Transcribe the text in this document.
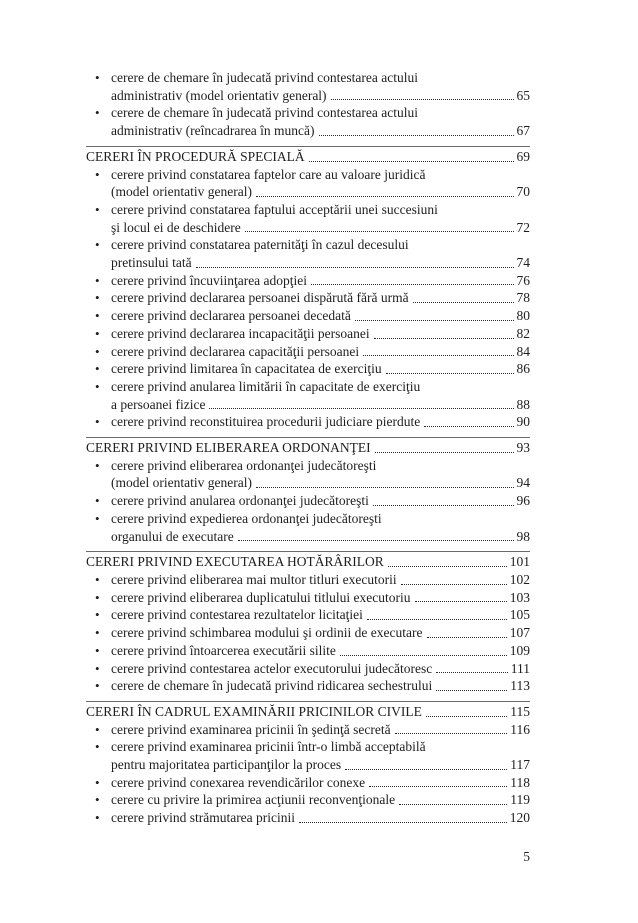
•
cerere de chemare în judecată privind contestarea actului
administrativ (model orientativ general)	65
•
cerere de chemare în judecată privind contestarea actului
administrativ (reîncadrarea în muncă)	67
CERERI ÎN PROCEDURĂ SPECIALĂ	69
•
cerere privind constatarea faptelor care au valoare juridică
(model orientativ general)	70
•
cerere privind constatarea faptului acceptării unei succesiuni
şi locul ei de deschidere	72
•
cerere privind constatarea paternităţi în cazul decesului
pretinsului tată	74
•
cerere privind încuviinţarea adopţiei	76
•
cerere privind declararea persoanei dispărută fără urmă	78
•
cerere privind declararea persoanei decedată	80
•
cerere privind declararea incapacităţii persoanei	82
•
cerere privind declararea capacităţii persoanei	84
•
cerere privind limitarea în capacitatea de exerciţiu	86
•
cerere privind anularea limitării în capacitate de exerciţiu
a persoanei fizice	88
•
cerere privind reconstituirea procedurii judiciare pierdute	90
CERERI PRIVIND ELIBERAREA ORDONANŢEI	93
•
cerere privind eliberarea ordonanţei judecătoreşti
(model orientativ general)	94
•
cerere privind anularea ordonanţei judecătoreşti	96
•
cerere privind expedierea ordonanţei judecătoreşti
organului de executare	98
CERERI PRIVIND EXECUTAREA HOTĂRÂRILOR	101
•
cerere privind eliberarea mai multor titluri executorii	102
•
cerere privind eliberarea duplicatului titlului executoriu	103
•
cerere privind contestarea rezultatelor licitaţiei	105
•
cerere privind schimbarea modului şi ordinii de executare	107
•
cerere privind întoarcerea executării silite	109
•
cerere privind contestarea actelor executorului judecătoresc	111
•
cerere de chemare în judecată privind ridicarea sechestrului	113
CERERI ÎN CADRUL EXAMINĂRII PRICINILOR CIVILE	115
•
cerere privind examinarea pricinii în şedinţă secretă	116
•
cerere privind examinarea pricinii într-o limbă acceptabilă
pentru majoritatea participanţilor la proces	117
•
cerere privind conexarea revendicărilor conexe	118
•
cerere cu privire la primirea acţiunii reconvenţionale	119
•
cerere privind strămutarea pricinii	120
5
